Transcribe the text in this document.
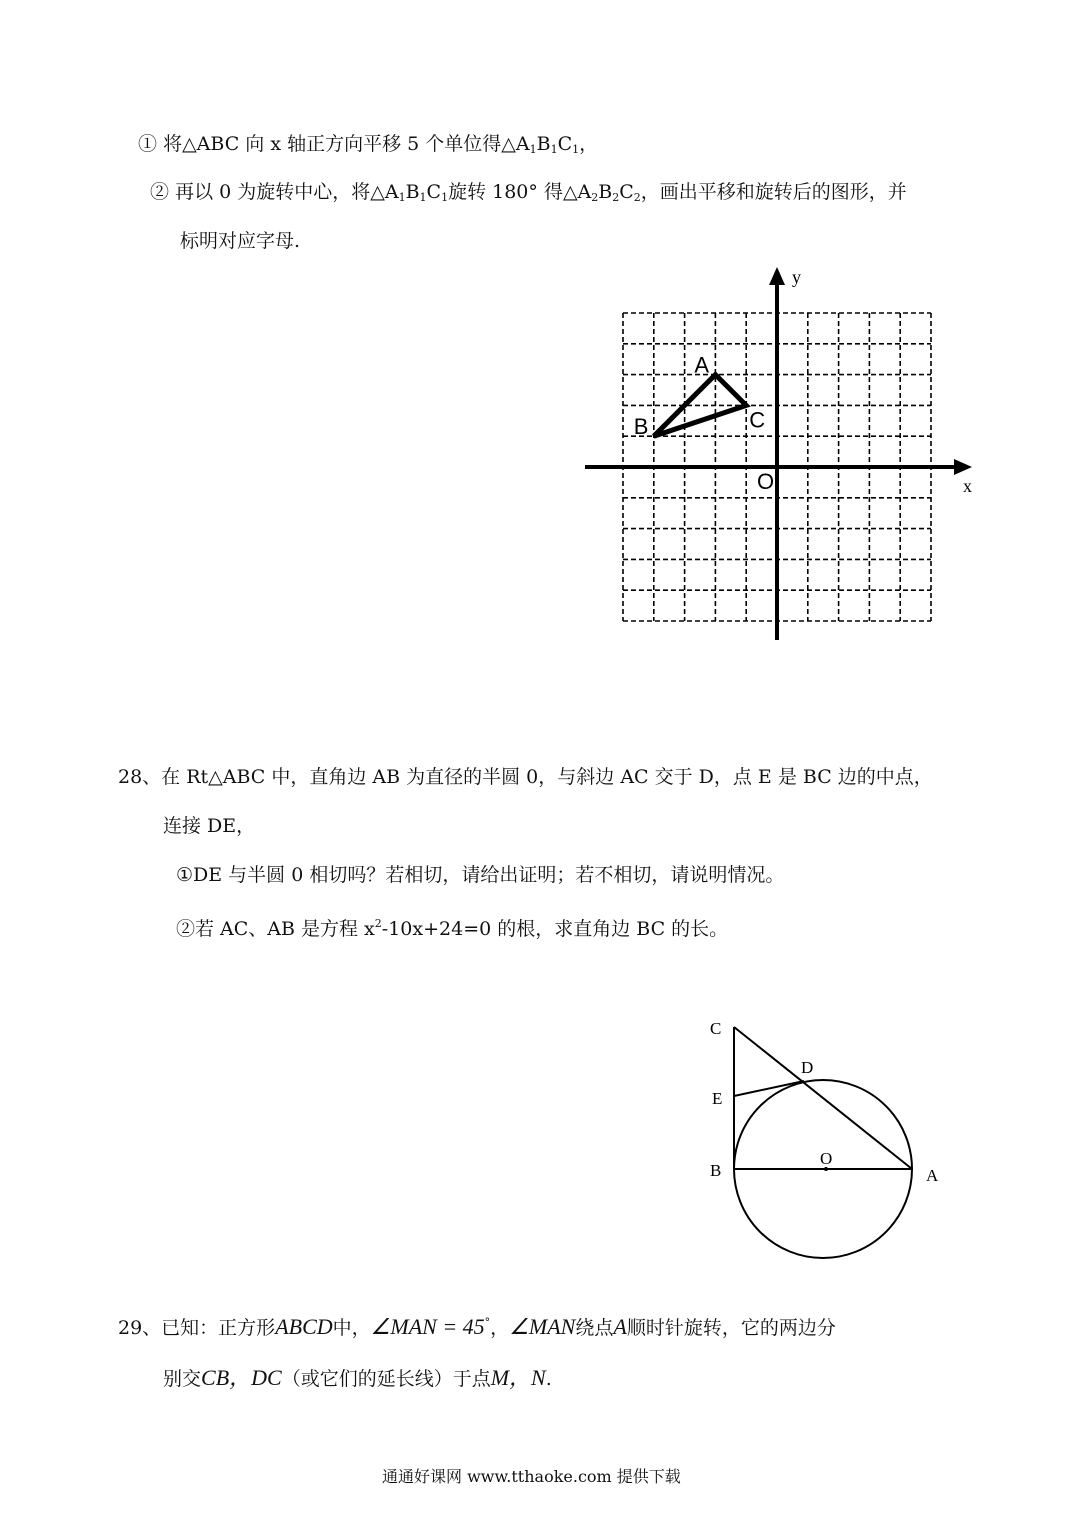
① 将△ABC 向 x 轴正方向平移 5 个单位得$\triangle A_1B_1C_1$，
② 再以 0 为旋转中心，将$\triangle A_1B_1C_1$旋转 180° 得$\triangle A_2B_2C_2$，画出平移和旋转后的图形，并
标明对应字母.
x
y
O
A
B	C
28、在 Rt△ABC 中，直角边 AB 为直径的半圆 0，与斜边 AC 交于 D，点 E 是 BC 边的中点，
连接 DE，
①DE 与半圆 0 相切吗？若相切，请给出证明；若不相切，请说明情况。
②若 AC、AB 是方程 $x^2-10x+24=0$ 的根，求直角边 BC 的长。
C
D
E
B
O
A
29、已知：正方形ABCD中，∠MAN = 45°，∠MAN绕点A顺时针旋转，它的两边分
别交CB，DC（或它们的延长线）于点M，N.
通通好课网 www.tthaoke.com 提供下载
